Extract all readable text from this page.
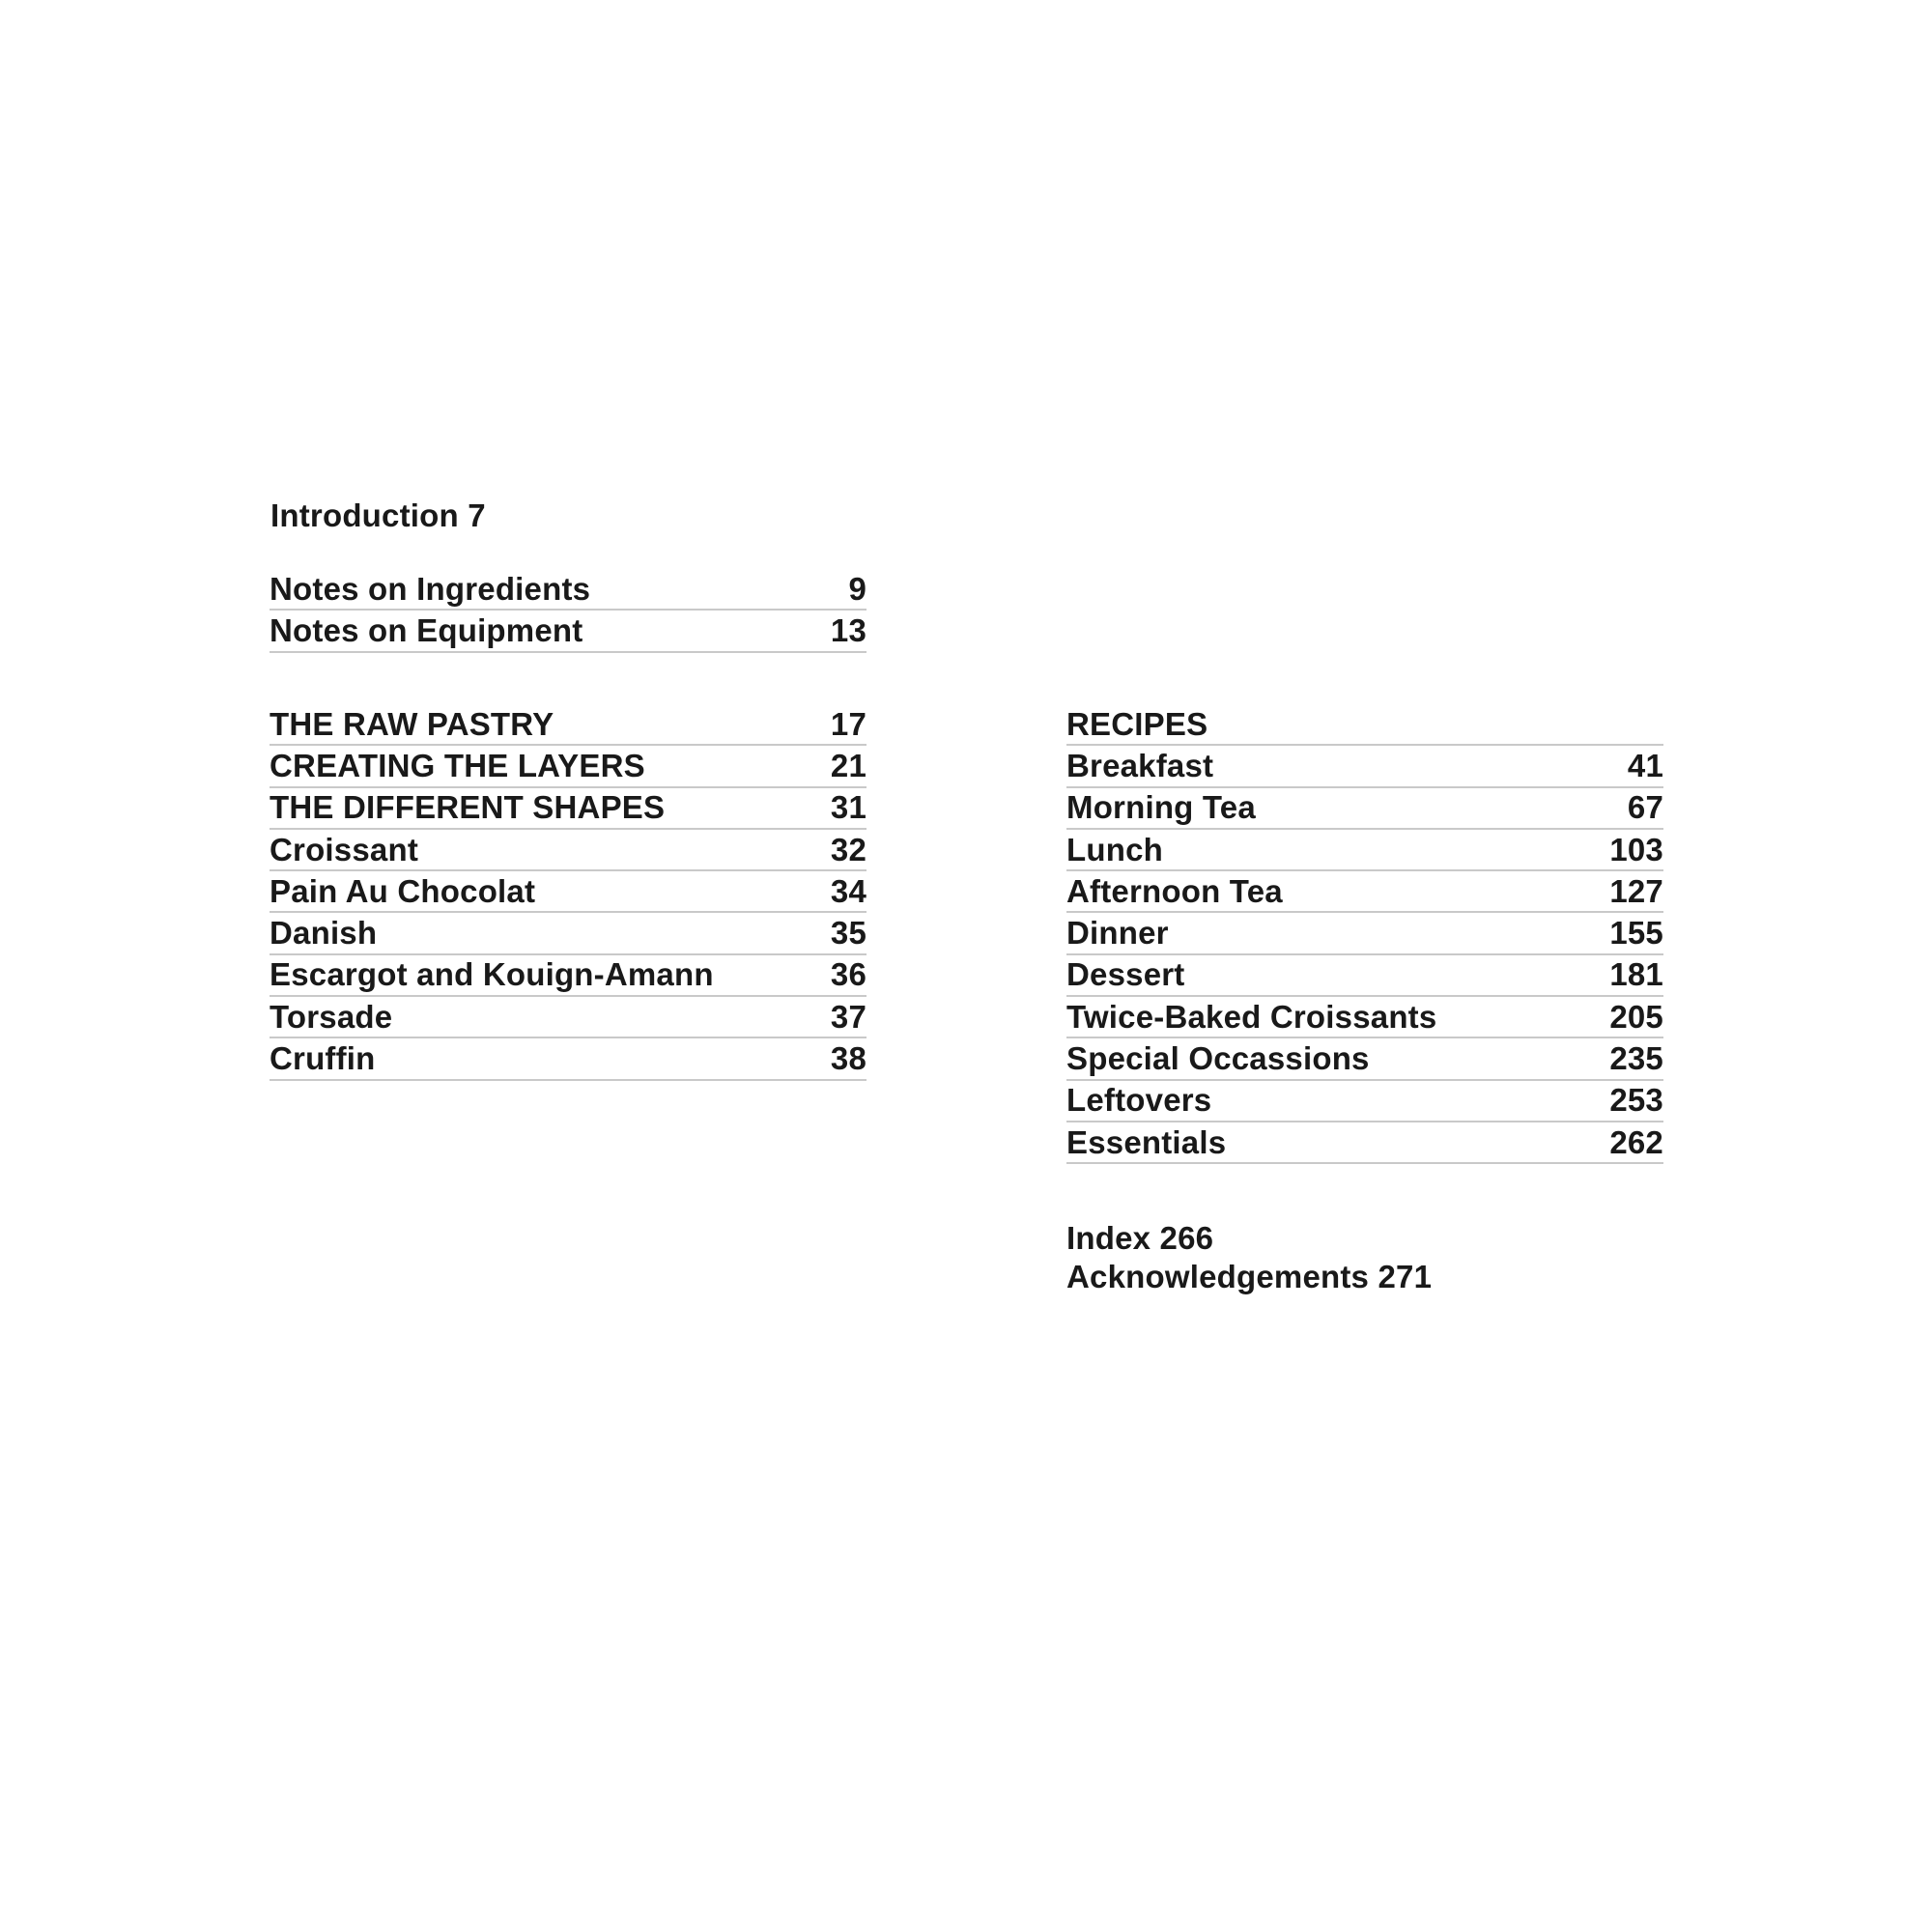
Introduction 7
Notes on Ingredients	9
Notes on Equipment	13
THE RAW PASTRY	17
CREATING THE LAYERS	21
THE DIFFERENT SHAPES	31
Croissant	32
Pain Au Chocolat	34
Danish	35
Escargot and Kouign-Amann	36
Torsade	37
Cruffin	38
RECIPES
Breakfast	41
Morning Tea	67
Lunch	103
Afternoon Tea	127
Dinner	155
Dessert	181
Twice-Baked Croissants	205
Special Occassions	235
Leftovers	253
Essentials	262
Index 266
Acknowledgements 271
